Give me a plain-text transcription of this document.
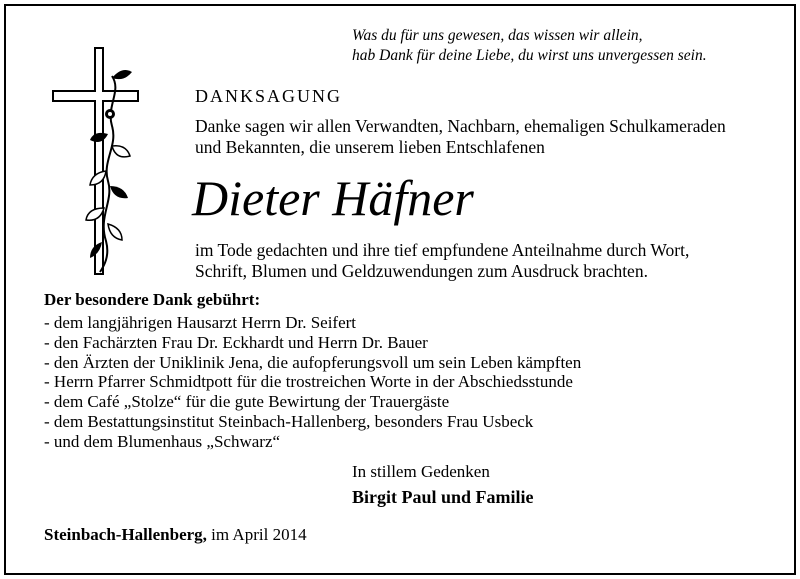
Was du für uns gewesen, das wissen wir allein,
hab Dank für deine Liebe, du wirst uns unvergessen sein.
DANKSAGUNG
Danke sagen wir allen Verwandten, Nachbarn, ehemaligen Schulkameraden
und Bekannten, die unserem lieben Entschlafenen
Dieter Häfner
im Tode gedachten und ihre tief empfundene Anteilnahme durch Wort,
Schrift, Blumen und Geldzuwendungen zum Ausdruck brachten.
Der besondere Dank gebührt:
- dem langjährigen Hausarzt Herrn Dr. Seifert
- den Fachärzten Frau Dr. Eckhardt und Herrn Dr. Bauer
- den Ärzten der Uniklinik Jena, die aufopferungsvoll um sein Leben kämpften
- Herrn Pfarrer Schmidtpott für die trostreichen Worte in der Abschiedsstunde
- dem Café „Stolze“ für die gute Bewirtung der Trauergäste
- dem Bestattungsinstitut Steinbach-Hallenberg, besonders Frau Usbeck
- und dem Blumenhaus „Schwarz“
In stillem Gedenken
Birgit Paul und Familie
Steinbach-Hallenberg, im April 2014
